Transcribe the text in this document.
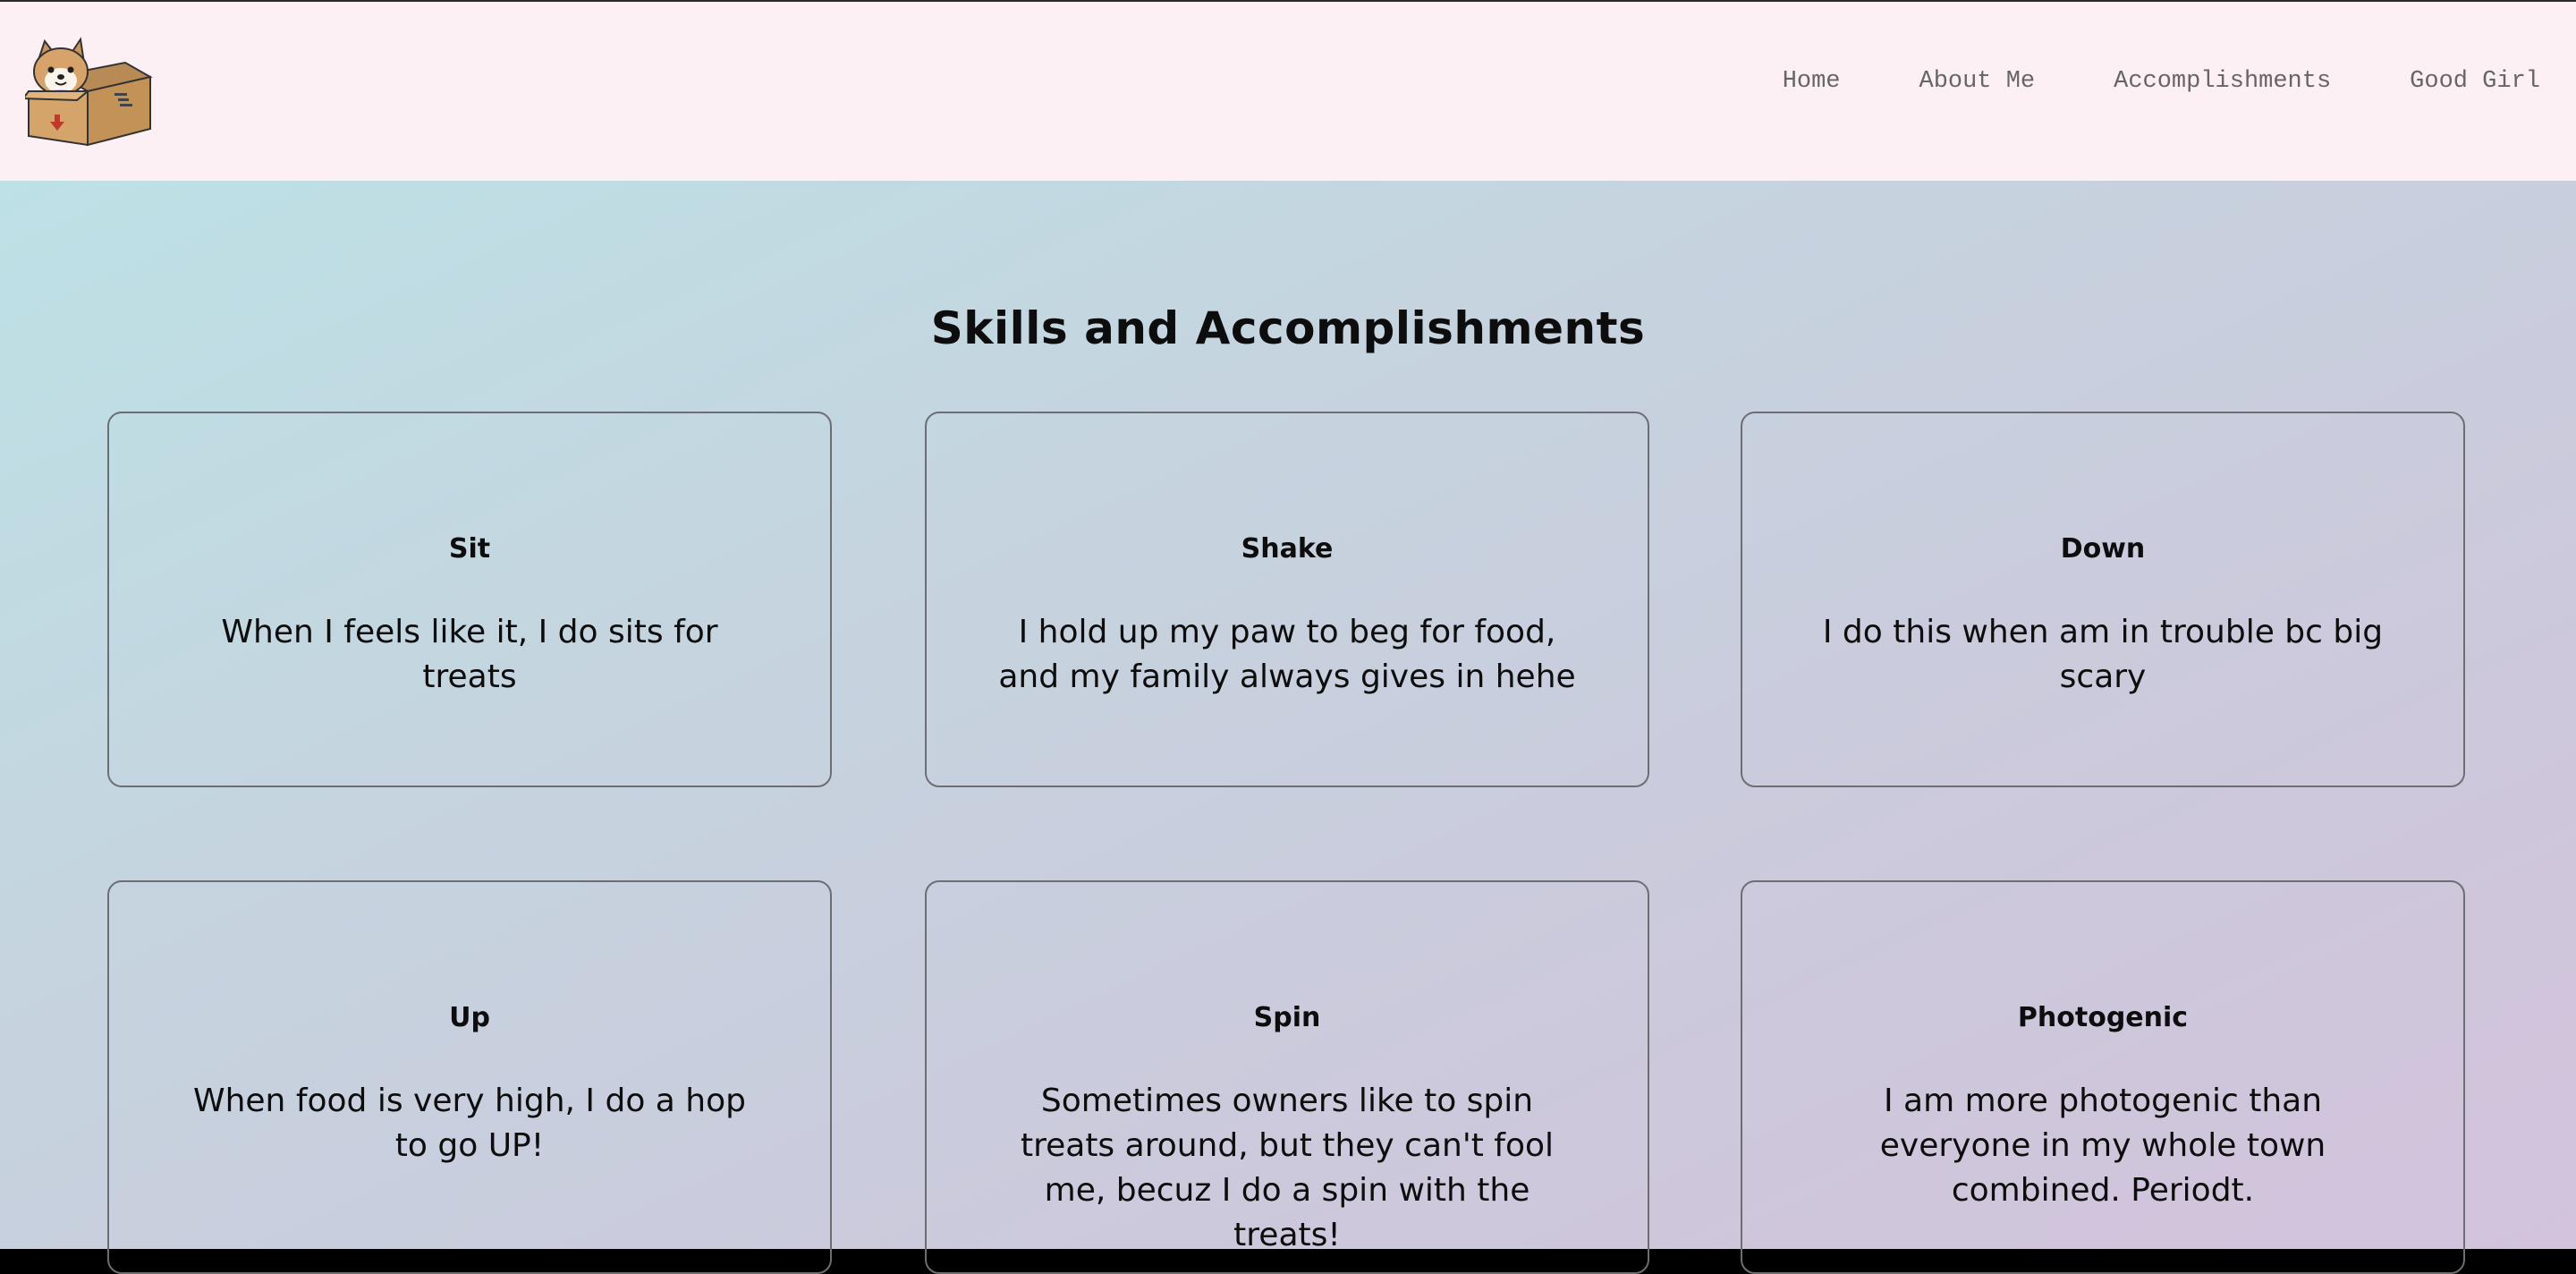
Home	About Me	Accomplishments	Good Girl
Skills and Accomplishments
Sit

When I feels like it, I do sits for treats

Shake

I hold up my paw to beg for food, and my family always gives in hehe

Down

I do this when am in trouble bc big scary

Up

When food is very high, I do a hop to go UP!

Spin

Sometimes owners like to spin treats around, but they can't fool me, becuz I do a spin with the treats!

Photogenic

I am more photogenic than everyone in my whole town combined. Periodt.
